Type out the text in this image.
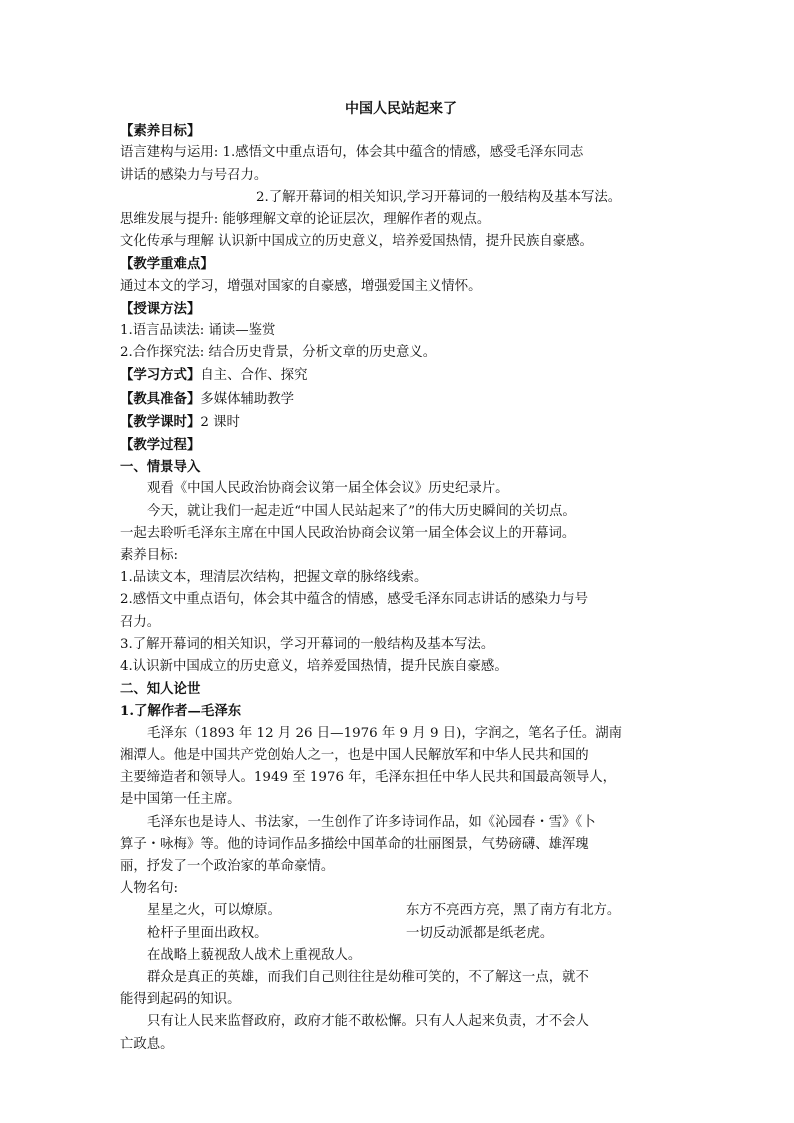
中国人民站起来了
【素养目标】
语言建构与运用: 1.感悟文中重点语句，体会其中蕴含的情感，感受毛泽东同志
讲话的感染力与号召力。
2.了解开幕词的相关知识,学习开幕词的一般结构及基本写法。
思维发展与提升: 能够理解文章的论证层次，理解作者的观点。
文化传承与理解 认识新中国成立的历史意义，培养爱国热情，提升民族自豪感。
【教学重难点】
通过本文的学习，增强对国家的自豪感，增强爱国主义情怀。
【授课方法】
1.语言品读法: 诵读—鉴赏
2.合作探究法: 结合历史背景，分析文章的历史意义。
【学习方式】自主、合作、探究
【教具准备】多媒体辅助教学
【教学课时】2 课时
【教学过程】
一、情景导入
观看《中国人民政治协商会议第一届全体会议》历史纪录片。
今天，就让我们一起走近“中国人民站起来了”的伟大历史瞬间的关切点。
一起去聆听毛泽东主席在中国人民政治协商会议第一届全体会议上的开幕词。
素养目标:
1.品读文本，理清层次结构，把握文章的脉络线索。
2.感悟文中重点语句，体会其中蕴含的情感，感受毛泽东同志讲话的感染力与号
召力。
3.了解开幕词的相关知识，学习开幕词的一般结构及基本写法。
4.认识新中国成立的历史意义，培养爱国热情，提升民族自豪感。
二、知人论世
1.了解作者—毛泽东
毛泽东（1893 年 12 月 26 日—1976 年 9 月 9 日)，字润之，笔名子任。湖南
湘潭人。他是中国共产党创始人之一，也是中国人民解放军和中华人民共和国的
主要缔造者和领导人。1949 至 1976 年，毛泽东担任中华人民共和国最高领导人，
是中国第一任主席。
毛泽东也是诗人、书法家，一生创作了许多诗词作品，如《沁园春・雪》《卜
算子・咏梅》等。他的诗词作品多描绘中国革命的壮丽图景，气势磅礴、雄浑瑰
丽，抒发了一个政治家的革命豪情。
人物名句:
星星之火，可以燎原。	东方不亮西方亮，黑了南方有北方。
枪杆子里面出政权。	一切反动派都是纸老虎。
在战略上藐视敌人战术上重视敌人。
群众是真正的英雄，而我们自己则往往是幼稚可笑的，不了解这一点，就不
能得到起码的知识。
只有让人民来监督政府，政府才能不敢松懈。只有人人起来负责，才不会人
亡政息。
